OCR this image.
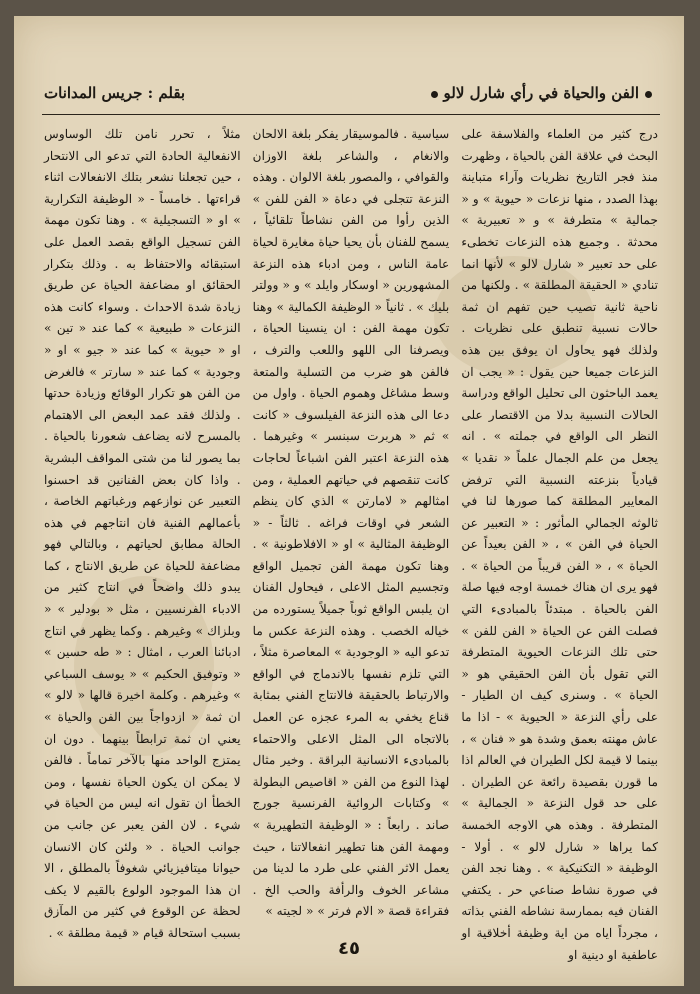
الفن والحياة في رأي شارل لالو
بقلم : جريس المدانات

درج كثير من العلماء والفلاسفة على البحث في علاقة الفن بالحياة ، وظهرت منذ فجر التاريخ نظريات وآراء متباينة بهذا الصدد ، منها نزعات « حيوية » و « جمالية » متطرفة » و « تعبيرية » محدثة . وجميع هذه النزعات تخطىء على حد تعبير « شارل لالو » لأنها انما تنادي « الحقيقة المطلقة » . ولكنها من ناحية ثانية تصيب حين تفهم ان ثمة حالات نسبية تنطبق على نظريات . ولذلك فهو يحاول ان يوفق بين هذه النزعات جميعا حين يقول : « يجب ان يعمد الباحثون الى تحليل الواقع ودراسة الحالات النسبية بدلا من الاقتصار على النظر الى الواقع في جملته » . انه يجعل من علم الجمال علماً « نقديا » قيادياً بنزعته النسبية التي ترفض المعايير المطلقة كما صورها لنا في ثالوثه الجمالي المأثور : « التعبير عن الحياة في الفن » ، « الفن بعيداً عن الحياة » ، « الفن قريباً من الحياة » . فهو يرى ان هناك خمسة اوجه فيها صلة الفن بالحياة . مبتدئاً بالمبادىء التي فصلت الفن عن الحياة « الفن للفن » حتى تلك النزعات الحيوية المتطرفة التي تقول بأن الفن الحقيقي هو « الحياة » . وسنرى كيف ان الطيار - على رأي النزعة « الحيوية » - اذا ما عاش مهنته بعمق وشدة هو « فنان » ، بينما لا قيمة لكل الطيران في العالم اذا ما قورن بقصيدة رائعة عن الطيران . على حد قول النزعة « الجمالية » المتطرفة . وهذه هي الاوجه الخمسة كما يراها « شارل لالو » . أولا - الوظيفة « التكنيكية » . وهنا نجد الفن في صورة نشاط صناعي حر . يكتفي الفنان فيه بممارسة نشاطه الفني بذاته ، مجرداً اياه من اية وظيفة أخلاقية او عاطفية او دينية او

سياسية . فالموسيقار يفكر بلغة الالحان والانغام ، والشاعر بلغة الاوزان والقوافي ، والمصور بلغة الالوان . وهذه النزعة تتجلى في دعاة « الفن للفن » الذين رأوا من الفن نشاطاً تلقائياً ، يسمح للفنان بأن يحيا حياة مغايرة لحياة عامة الناس ، ومن ادباء هذه النزعة المشهورين « اوسكار وايلد » و « وولتر بليك » . ثانياً « الوظيفة الكمالية » وهنا تكون مهمة الفن : ان ينسينا الحياة ، ويصرفنا الى اللهو واللعب والترف ، فالفن هو ضرب من التسلية والمتعة وسط مشاغل وهموم الحياة . واول من دعا الى هذه النزعة الفيلسوف « كانت » ثم « هربرت سبنسر » وغيرهما . هذه النزعة اعتبر الفن اشباعاً لحاجات كانت تنقصهم في حياتهم العملية ، ومن امثالهم « لامارتن » الذي كان ينظم الشعر في اوقات فراغه . ثالثاً - « الوظيفة المثالية » او « الافلاطونية » . وهنا تكون مهمة الفن تجميل الواقع وتجسيم المثل الاعلى ، فيحاول الفنان ان يلبس الواقع ثوباً جميلاً يستورده من خياله الخصب . وهذه النزعة عكس ما تدعو اليه « الوجودية » المعاصرة مثلاً ، التي تلزم نفسها بالاندماج في الواقع والارتباط بالحقيقة فالانتاج الفني بمثابة قناع يخفي به المرء عجزه عن العمل بالاتجاه الى المثل الاعلى والاحتماء بالمبادىء الانسانية البراقة . وخير مثال لهذا النوع من الفن « اقاصيص البطولة » وكتابات الروائية الفرنسية جورج صاند . رابعاً : « الوظيفة التطهيرية » ومهمة الفن هنا تطهير انفعالاتنا ، حيث يعمل الاثر الفني على طرد ما لدينا من مشاعر الخوف والرأفة والحب الخ . فقراءة قصة « الام فرتر » « لجيته »

مثلاً ، تحرر نامن تلك الوساوس الانفعالية الحادة التي تدعو الى الانتحار ، حين تجعلنا نشعر بتلك الانفعالات اثناء قراءتها . خامساً - « الوظيفة التكرارية » او « التسجيلية » . وهنا تكون مهمة الفن تسجيل الواقع بقصد العمل على استبقائه والاحتفاظ به . وذلك بتكرار الحقائق او مضاعفة الحياة عن طريق زيادة شدة الاحداث . وسواء كانت هذه النزعات « طبيعية » كما عند « تين » او « حيوية » كما عند « جيو » او « وجودية » كما عند « سارتر » فالغرض من الفن هو تكرار الوقائع وزيادة حدتها . ولذلك فقد عمد البعض الى الاهتمام بالمسرح لانه يضاعف شعورنا بالحياة . بما يصور لنا من شتى المواقف البشرية . واذا كان بعض الفنانين قد احسنوا التعبير عن نوازعهم ورغباتهم الخاصة ، بأعمالهم الفنية فان انتاجهم في هذه الحالة مطابق لحياتهم ، وبالتالي فهو مضاعفة للحياة عن طريق الانتاج ، كما يبدو ذلك واضحاً في انتاج كثير من الادباء الفرنسيين ، مثل « بودلير » « وبلزاك » وغيرهم . وكما يظهر في انتاج ادبائنا العرب ، امثال : « طه حسين » « وتوفيق الحكيم » « يوسف السباعي » وغيرهم . وكلمة اخيرة قالها « لالو » ان ثمة « ازدواجاً بين الفن والحياة » يعني ان ثمة ترابطاً بينهما . دون ان يمتزج الواحد منها بالآخر تماماً . فالفن لا يمكن ان يكون الحياة نفسها ، ومن الخطأ ان تقول انه ليس من الحياة في شيء . لان الفن يعبر عن جانب من جوانب الحياة . « ولئن كان الانسان حيوانا ميتافيزيائي شغوفاً بالمطلق ، الا ان هذا الموجود الولوع بالقيم لا يكف لحظة عن الوقوع في كثير من المآزق بسبب استحالة قيام « قيمة مطلقة » .

٤٥
